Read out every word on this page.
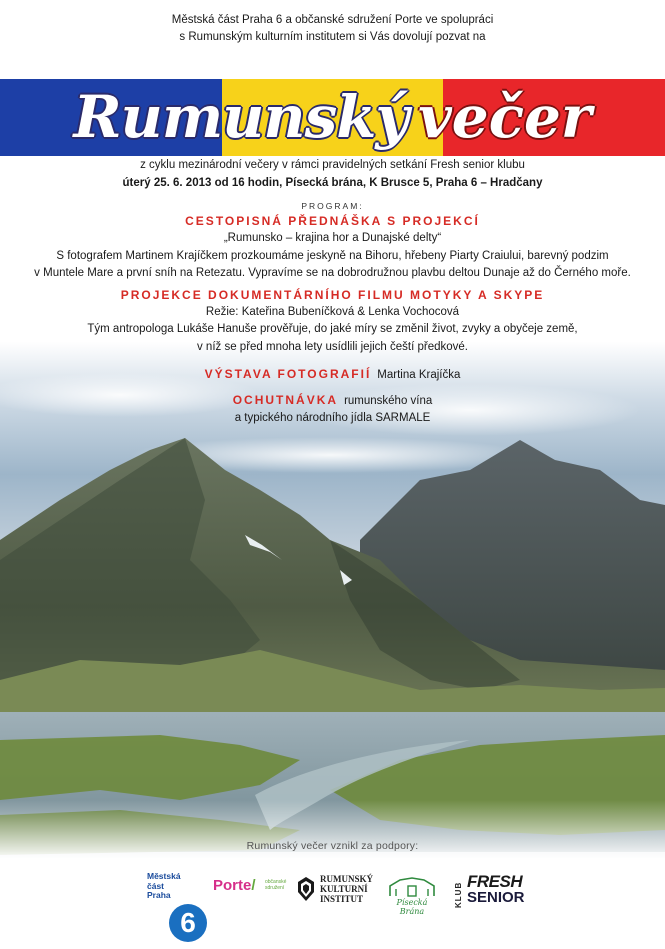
Městská část Praha 6 a občanské sdružení Porte ve spolupráci
s Rumunským kulturním institutem si Vás dovolují pozvat na
Rumunský večer
z cyklu mezinárodní večery v rámci pravidelných setkání Fresh senior klubu
úterý 25. 6. 2013 od 16 hodin, Písecká brána, K Brusce 5, Praha 6 – Hradčany
PROGRAM:
CESTOPISNÁ PŘEDNÁŠKA S PROJEKCÍ
„Rumunsko – krajina hor a Dunajské delty“
S fotografem Martinem Krajíčkem prozkoumáme jeskyně na Bihoru, hřebeny Piarty Craiului, barevný podzim
v Muntele Mare a první sníh na Retezatu. Vypravíme se na dobrodružnou plavbu deltou Dunaje až do Černého moře.
PROJEKCE DOKUMENTÁRNÍHO FILMU MOTYKY A SKYPE
Režie: Kateřina Bubeníčková & Lenka Vochocová
Tým antropologa Lukáše Hanuše prověřuje, do jaké míry se změnil život, zvyky a obyčeje země,
v níž se před mnoha lety usídlili jejich čeští předkové.
VÝSTAVA FOTOGRAFIÍ Martina Krajíčka
OCHUTNÁVKA rumunského vína
a typického národního jídla SARMALE
Rumunský večer vznikl za podpory:
Městská
část
Praha
6
Porte/ občanské sdružení
RUMUNSKÝ
KULTURNÍ
INSTITUT	Písecká Brána
KLUB
FRESH
SENIOR
